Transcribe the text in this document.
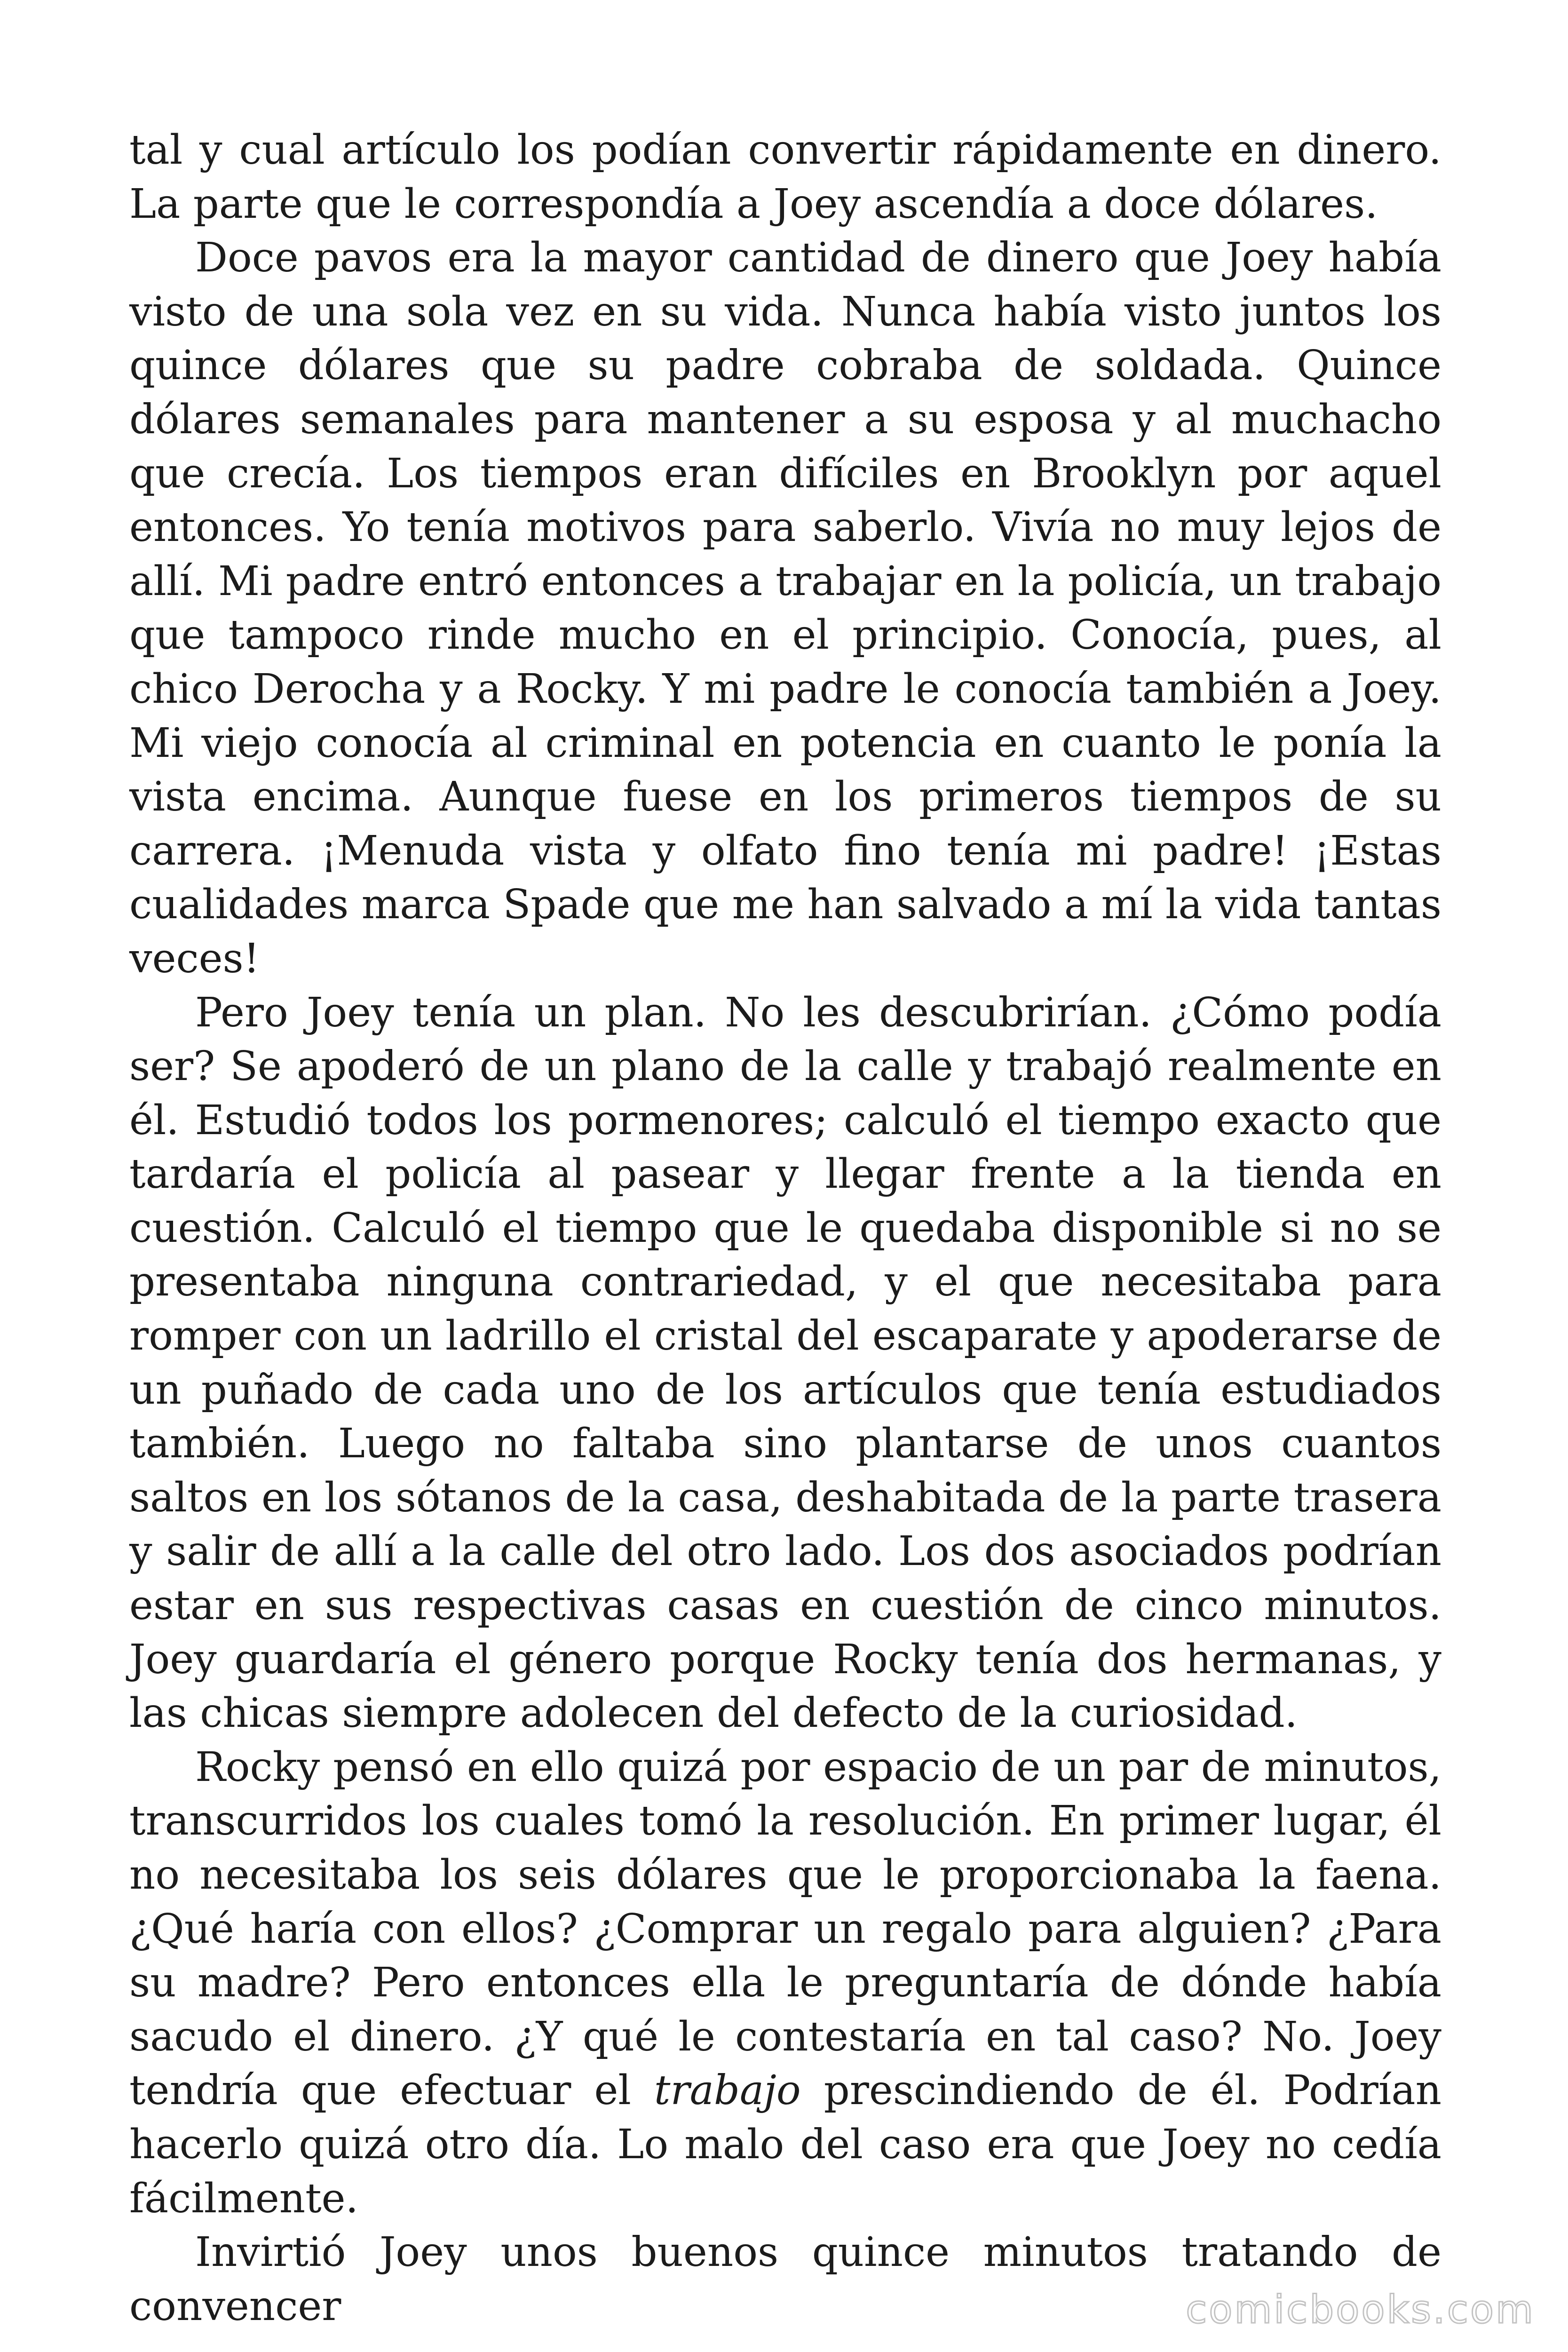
tal y cual artículo los podían convertir rápidamente en dinero. La parte que le correspondía a Joey ascendía a doce dólares.

Doce pavos era la mayor cantidad de dinero que Joey había visto de una sola vez en su vida. Nunca había visto juntos los quince dólares que su padre cobraba de soldada. Quince dólares semanales para mantener a su esposa y al muchacho que crecía. Los tiempos eran difíciles en Brooklyn por aquel entonces. Yo tenía motivos para saberlo. Vivía no muy lejos de allí. Mi padre entró entonces a trabajar en la policía, un trabajo que tampoco rinde mucho en el principio. Conocía, pues, al chico Derocha y a Rocky. Y mi padre le conocía también a Joey. Mi viejo conocía al criminal en potencia en cuanto le ponía la vista encima. Aunque fuese en los primeros tiempos de su carrera. ¡Menuda vista y olfato fino tenía mi padre! ¡Estas cualidades marca Spade que me han salvado a mí la vida tantas veces!

Pero Joey tenía un plan. No les descubrirían. ¿Cómo podía ser? Se apoderó de un plano de la calle y trabajó realmente en él. Estudió todos los pormenores; calculó el tiempo exacto que tardaría el policía al pasear y llegar frente a la tienda en cuestión. Calculó el tiempo que le quedaba disponible si no se presentaba ninguna contrariedad, y el que necesitaba para romper con un ladrillo el cristal del escaparate y apoderarse de un puñado de cada uno de los artículos que tenía estudiados también. Luego no faltaba sino plantarse de unos cuantos saltos en los sótanos de la casa, deshabitada de la parte trasera y salir de allí a la calle del otro lado. Los dos asociados podrían estar en sus respectivas casas en cuestión de cinco minutos. Joey guardaría el género porque Rocky tenía dos hermanas, y las chicas siempre adolecen del defecto de la curiosidad.

Rocky pensó en ello quizá por espacio de un par de minutos, transcurridos los cuales tomó la resolución. En primer lugar, él no necesitaba los seis dólares que le proporcionaba la faena. ¿Qué haría con ellos? ¿Comprar un regalo para alguien? ¿Para su madre? Pero entonces ella le preguntaría de dónde había sacudo el dinero. ¿Y qué le contestaría en tal caso? No. Joey tendría que efectuar el trabajo prescindiendo de él. Podrían hacerlo quizá otro día. Lo malo del caso era que Joey no cedía fácilmente.

Invirtió Joey unos buenos quince minutos tratando de convencer	comicbooks.com
